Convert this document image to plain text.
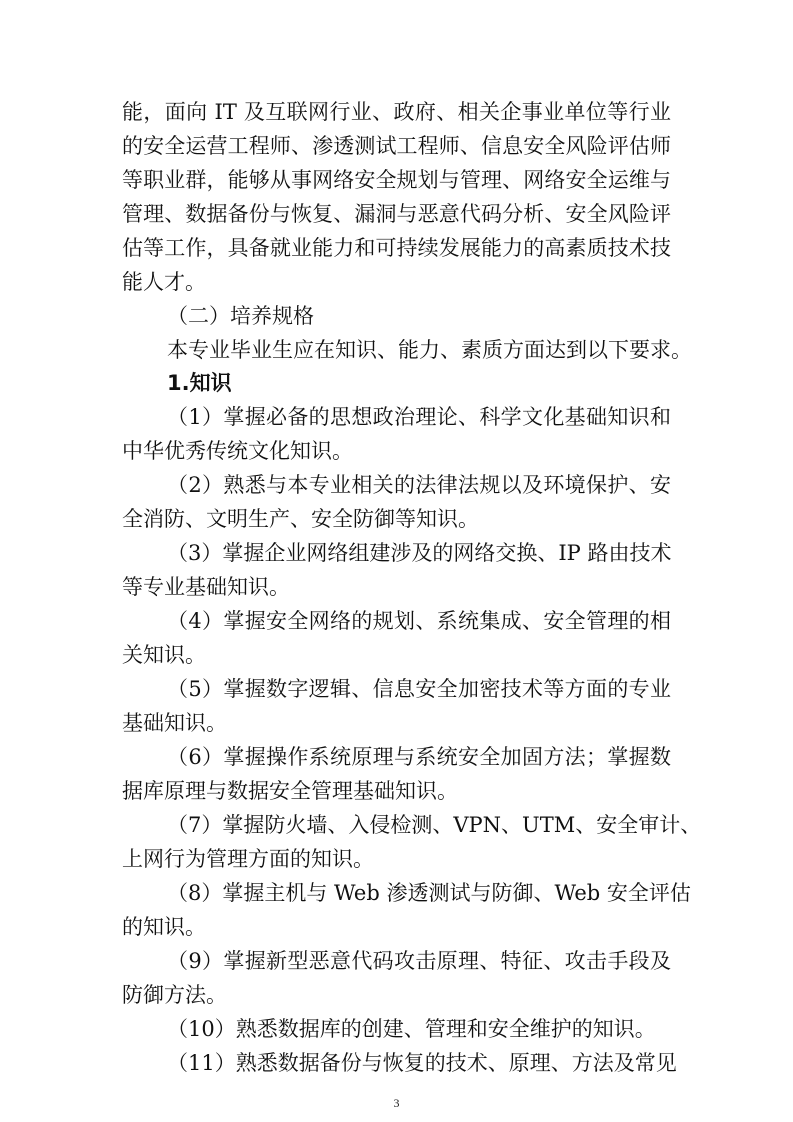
能，面向 IT 及互联网行业、政府、相关企事业单位等行业
的安全运营工程师、渗透测试工程师、信息安全风险评估师
等职业群，能够从事网络安全规划与管理、网络安全运维与
管理、数据备份与恢复、漏洞与恶意代码分析、安全风险评
估等工作，具备就业能力和可持续发展能力的高素质技术技
能人才。
（二）培养规格
本专业毕业生应在知识、能力、素质方面达到以下要求。
1.知识
（1）掌握必备的思想政治理论、科学文化基础知识和
中华优秀传统文化知识。
（2）熟悉与本专业相关的法律法规以及环境保护、安
全消防、文明生产、安全防御等知识。
（3）掌握企业网络组建涉及的网络交换、IP 路由技术
等专业基础知识。
（4）掌握安全网络的规划、系统集成、安全管理的相
关知识。
（5）掌握数字逻辑、信息安全加密技术等方面的专业
基础知识。
（6）掌握操作系统原理与系统安全加固方法；掌握数
据库原理与数据安全管理基础知识。
（7）掌握防火墙、入侵检测、VPN、UTM、安全审计、
上网行为管理方面的知识。
（8）掌握主机与 Web 渗透测试与防御、Web 安全评估
的知识。
（9）掌握新型恶意代码攻击原理、特征、攻击手段及
防御方法。
（10）熟悉数据库的创建、管理和安全维护的知识。
（11）熟悉数据备份与恢复的技术、原理、方法及常见
3
